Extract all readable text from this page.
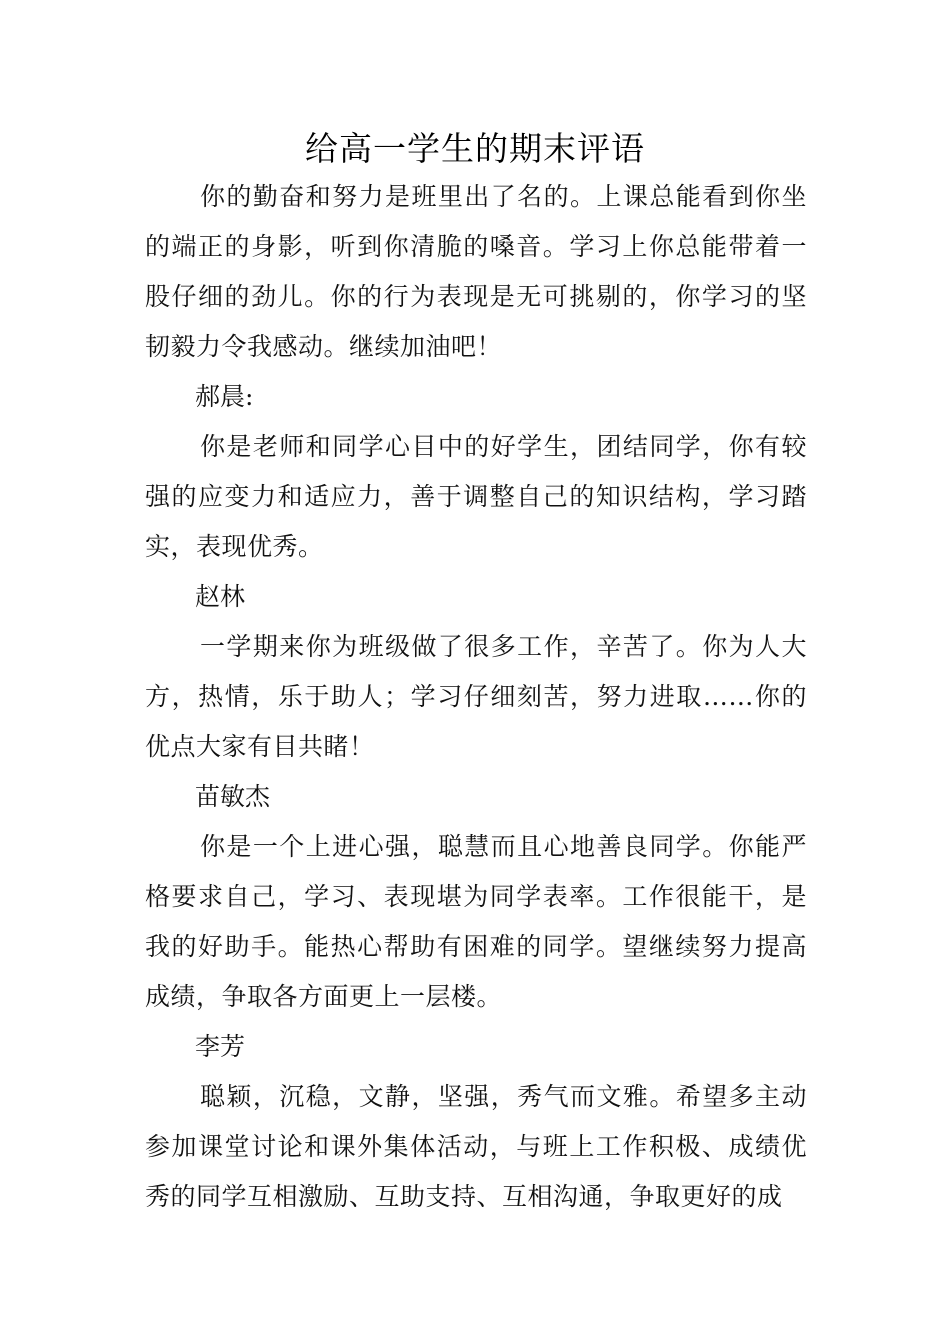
给高一学生的期末评语

你的勤奋和努力是班里出了名的。上课总能看到你坐的端正的身影，听到你清脆的嗓音。学习上你总能带着一股仔细的劲儿。你的行为表现是无可挑剔的，你学习的坚韧毅力令我感动。继续加油吧！

郝晨:

你是老师和同学心目中的好学生，团结同学，你有较强的应变力和适应力，善于调整自己的知识结构，学习踏实，表现优秀。

赵林

一学期来你为班级做了很多工作，辛苦了。你为人大方，热情，乐于助人；学习仔细刻苦，努力进取……你的优点大家有目共睹！

苗敏杰

你是一个上进心强，聪慧而且心地善良同学。你能严格要求自己，学习、表现堪为同学表率。工作很能干，是我的好助手。能热心帮助有困难的同学。望继续努力提高成绩，争取各方面更上一层楼。

李芳

聪颖，沉稳，文静，坚强，秀气而文雅。希望多主动参加课堂讨论和课外集体活动，与班上工作积极、成绩优秀的同学互相激励、互助支持、互相沟通，争取更好的成
